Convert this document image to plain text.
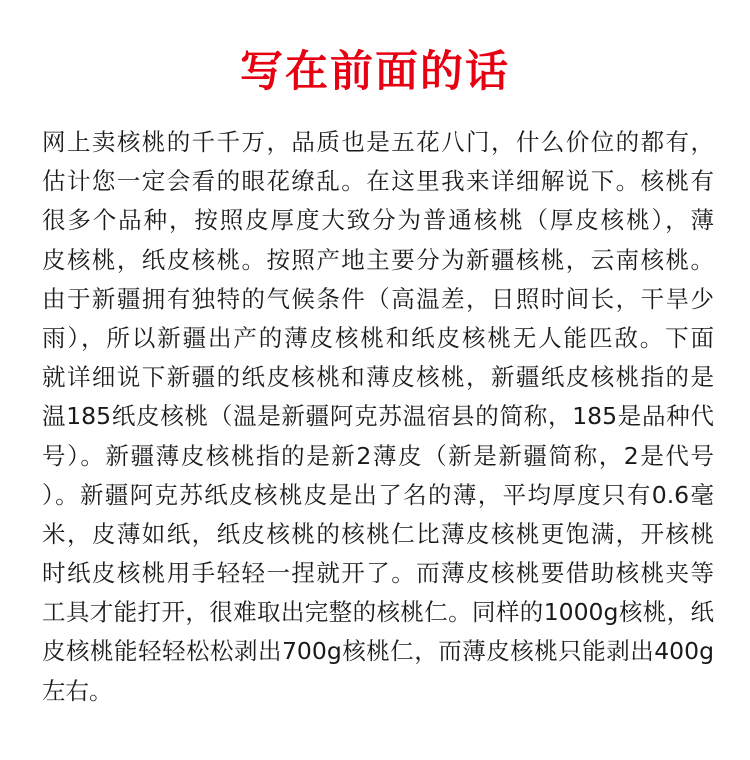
写在前面的话
网上卖核桃的千千万，品质也是五花八门，什么价位的都有，
估计您一定会看的眼花缭乱。在这里我来详细解说下。核桃有
很多个品种，按照皮厚度大致分为普通核桃（厚皮核桃），薄
皮核桃，纸皮核桃。按照产地主要分为新疆核桃，云南核桃。
由于新疆拥有独特的气候条件（高温差，日照时间长，干旱少
雨），所以新疆出产的薄皮核桃和纸皮核桃无人能匹敌。下面
就详细说下新疆的纸皮核桃和薄皮核桃，新疆纸皮核桃指的是
温185纸皮核桃（温是新疆阿克苏温宿县的简称，185是品种代
号）。新疆薄皮核桃指的是新2薄皮（新是新疆简称，2是代号
）。新疆阿克苏纸皮核桃皮是出了名的薄，平均厚度只有0.6毫
米，皮薄如纸，纸皮核桃的核桃仁比薄皮核桃更饱满，开核桃
时纸皮核桃用手轻轻一捏就开了。而薄皮核桃要借助核桃夹等
工具才能打开，很难取出完整的核桃仁。同样的1000g核桃，纸
皮核桃能轻轻松松剥出700g核桃仁，而薄皮核桃只能剥出400g
左右。
